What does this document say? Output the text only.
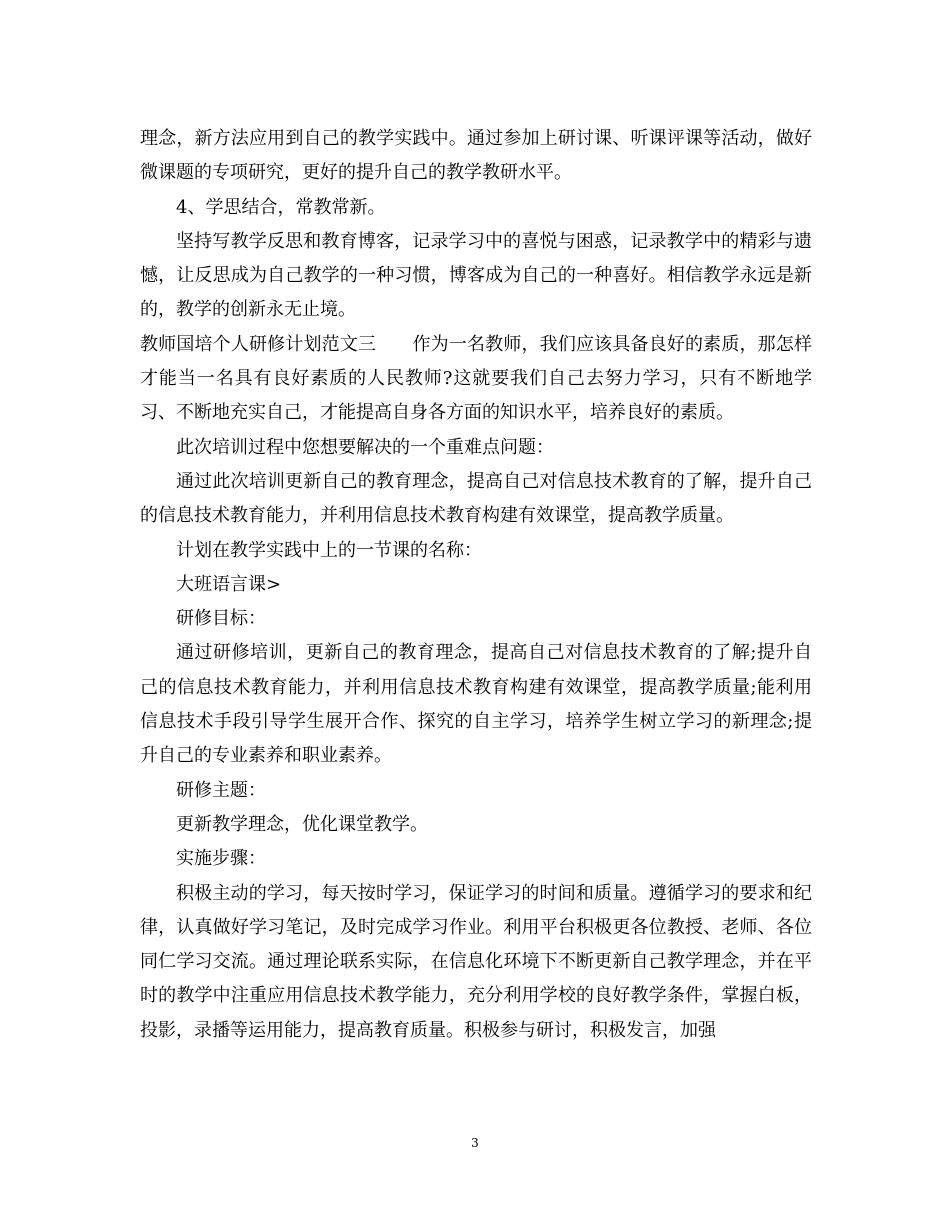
理念，新方法应用到自己的教学实践中。通过参加上研讨课、听课评课等活动，做好微课题的专项研究，更好的提升自己的教学教研水平。

4、学思结合，常教常新。

坚持写教学反思和教育博客，记录学习中的喜悦与困惑，记录教学中的精彩与遗憾，让反思成为自己教学的一种习惯，博客成为自己的一种喜好。相信教学永远是新的，教学的创新永无止境。

教师国培个人研修计划范文三　　作为一名教师，我们应该具备良好的素质，那怎样才能当一名具有良好素质的人民教师?这就要我们自己去努力学习，只有不断地学习、不断地充实自己，才能提高自身各方面的知识水平，培养良好的素质。

此次培训过程中您想要解决的一个重难点问题：

通过此次培训更新自己的教育理念，提高自己对信息技术教育的了解，提升自己的信息技术教育能力，并利用信息技术教育构建有效课堂，提高教学质量。

计划在教学实践中上的一节课的名称：

大班语言课>

研修目标：

通过研修培训，更新自己的教育理念，提高自己对信息技术教育的了解;提升自己的信息技术教育能力，并利用信息技术教育构建有效课堂，提高教学质量;能利用信息技术手段引导学生展开合作、探究的自主学习，培养学生树立学习的新理念;提升自己的专业素养和职业素养。

研修主题：

更新教学理念，优化课堂教学。

实施步骤：

积极主动的学习，每天按时学习，保证学习的时间和质量。遵循学习的要求和纪律，认真做好学习笔记，及时完成学习作业。利用平台积极更各位教授、老师、各位同仁学习交流。通过理论联系实际，在信息化环境下不断更新自己教学理念，并在平时的教学中注重应用信息技术教学能力，充分利用学校的良好教学条件，掌握白板，投影，录播等运用能力，提高教育质量。积极参与研讨，积极发言，加强

3
